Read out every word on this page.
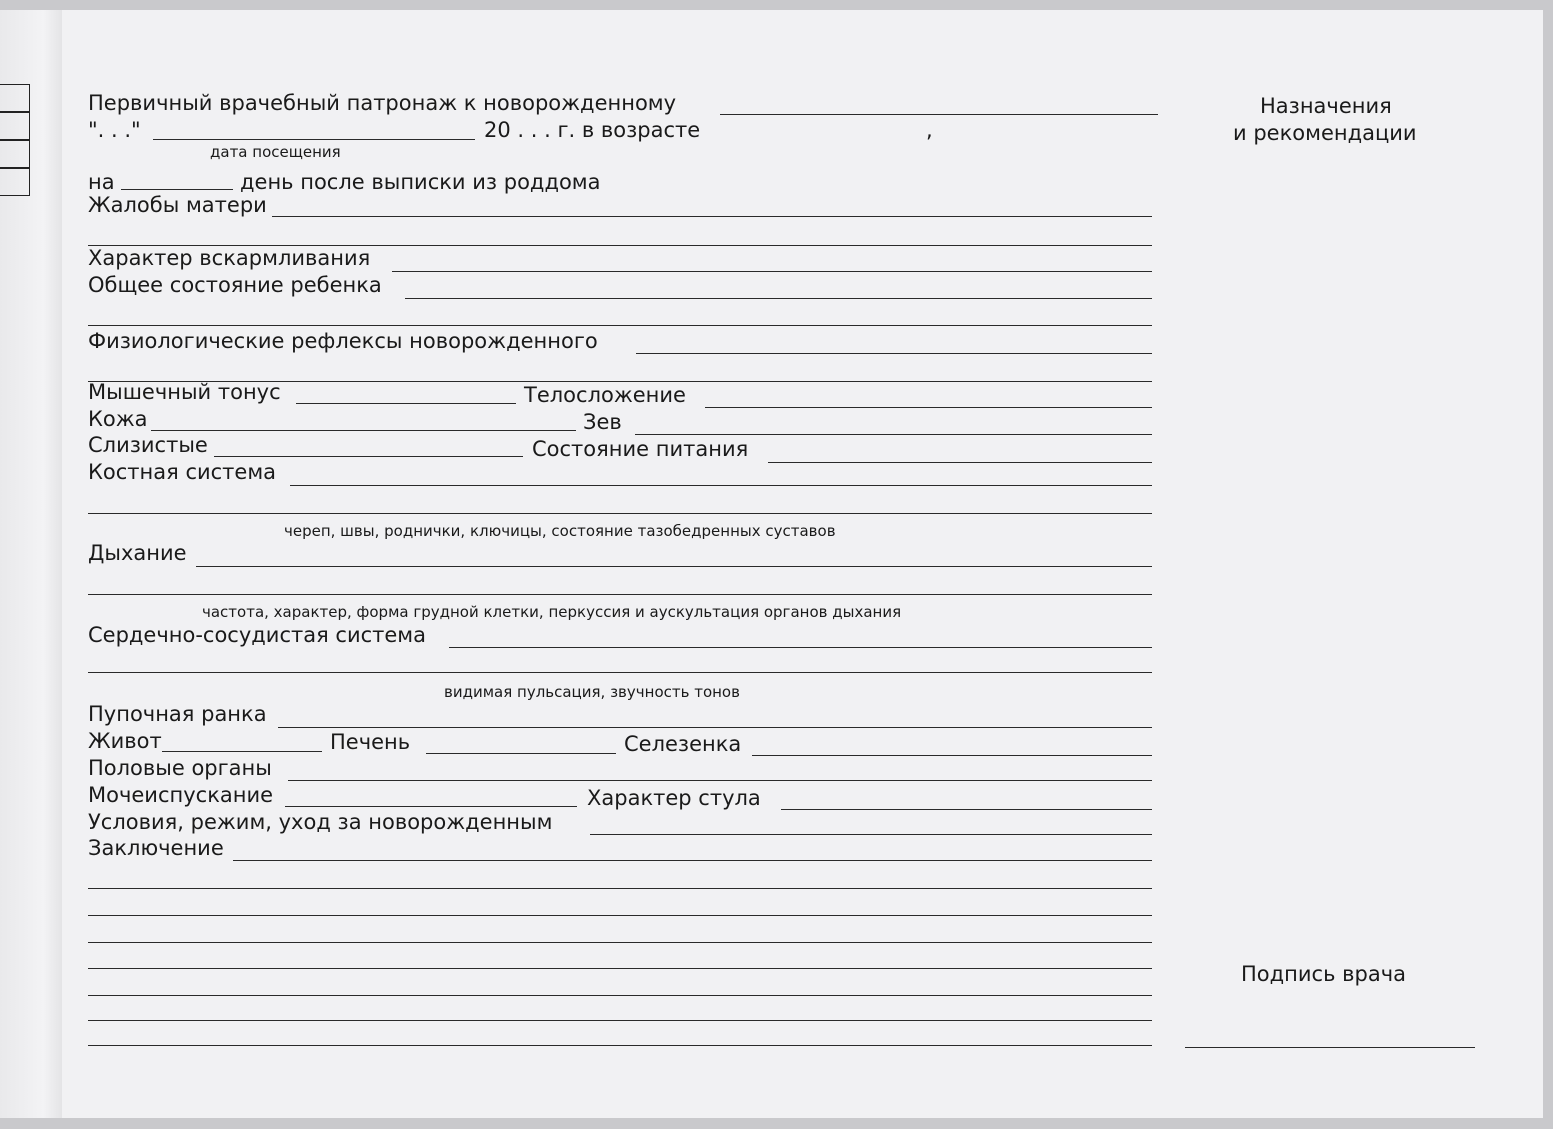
Первичный врачебный патронаж к новорожденному
". . ."	20 . . . г. в возрасте	,
дата посещения
на	день после выписки из роддома
Жалобы матери
Характер вскармливания
Общее состояние ребенка
Физиологические рефлексы новорожденного
Мышечный тонус	Телосложение
Кожа	Зев
Слизистые	Состояние питания
Костная система
череп, швы, роднички, ключицы, состояние тазобедренных суставов
Дыхание
частота, характер, форма грудной клетки, перкуссия и аускультация органов дыхания
Сердечно-сосудистая система
видимая пульсация, звучность тонов
Пупочная ранка
Живот	Печень	Селезенка
Половые органы
Мочеиспускание	Характер стула
Условия, режим, уход за новорожденным
Заключение
Назначения
и рекомендации
Подпись врача
